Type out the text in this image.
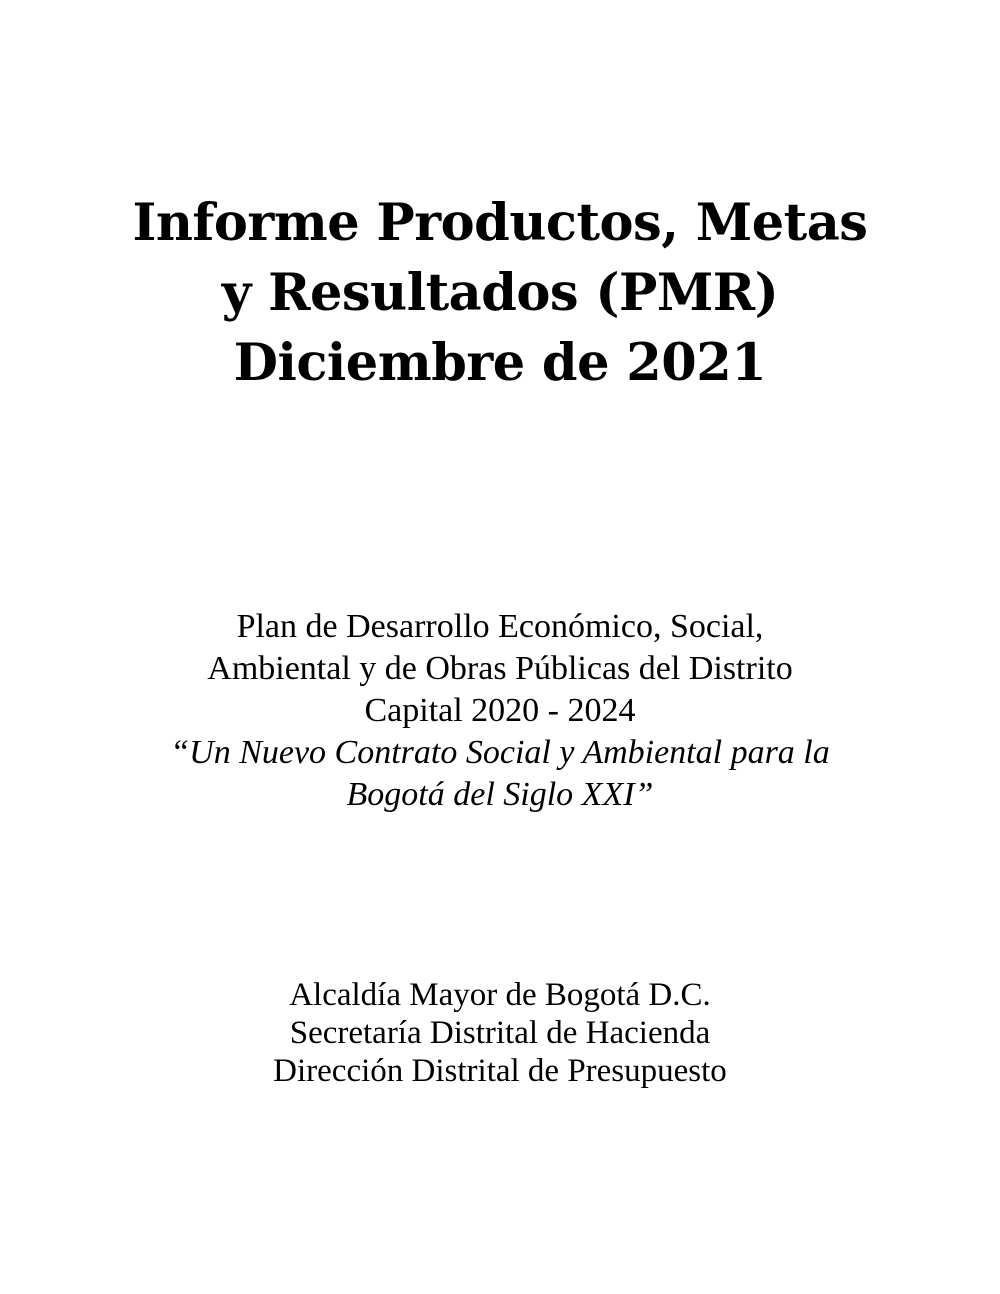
Informe Productos, Metas
y Resultados (PMR)
Diciembre de 2021
Plan de Desarrollo Económico, Social,
Ambiental y de Obras Públicas del Distrito
Capital 2020 - 2024
“Un Nuevo Contrato Social y Ambiental para la
Bogotá del Siglo XXI”
Alcaldía Mayor de Bogotá D.C.
Secretaría Distrital de Hacienda
Dirección Distrital de Presupuesto
